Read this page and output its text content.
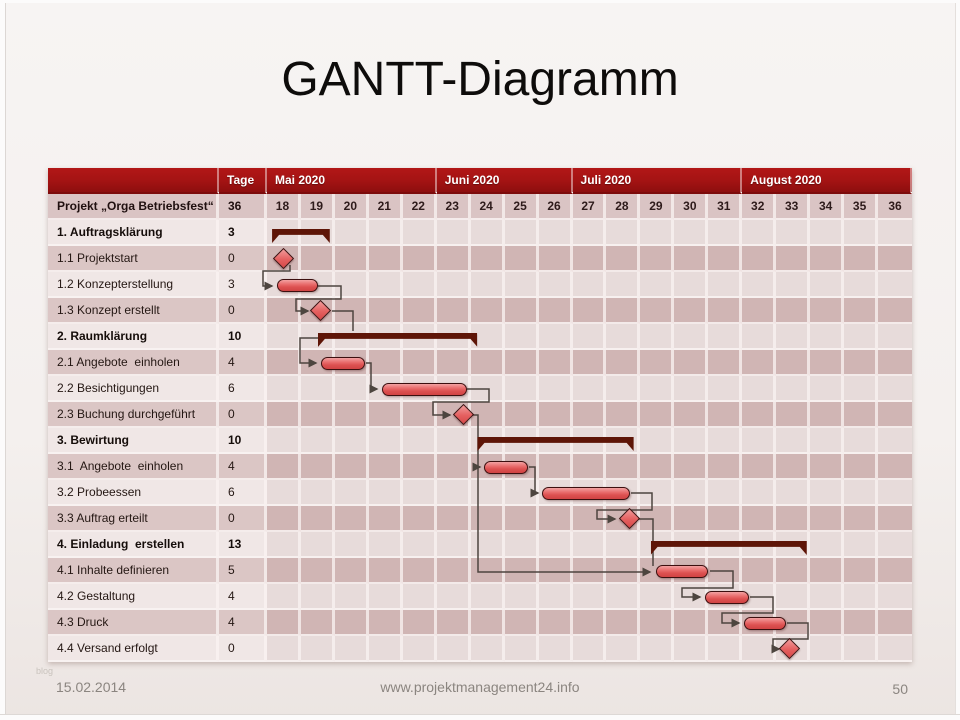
GANTT-Diagramm
Tage	Mai 2020	Juni 2020	Juli 2020	August 2020
Projekt „Orga Betriebsfest“	36	18	19	20	21	22	23	24	25	26	27	28	29	30	31	32	33	34	35	36
1. Auftragsklärung	3
1.1 Projektstart	0
1.2 Konzepterstellung	3
1.3 Konzept erstellt	0
2. Raumklärung	10
2.1 Angebote  einholen	4
2.2 Besichtigungen	6
2.3 Buchung durchgeführt	0
3. Bewirtung	10
3.1  Angebote  einholen	4
3.2 Probeessen	6
3.3 Auftrag erteilt	0
4. Einladung  erstellen	13
4.1 Inhalte definieren	5
4.2 Gestaltung	4
4.3 Druck	4
4.4 Versand erfolgt	0
blog
15.02.2014	www.projektmanagement24.info	50
